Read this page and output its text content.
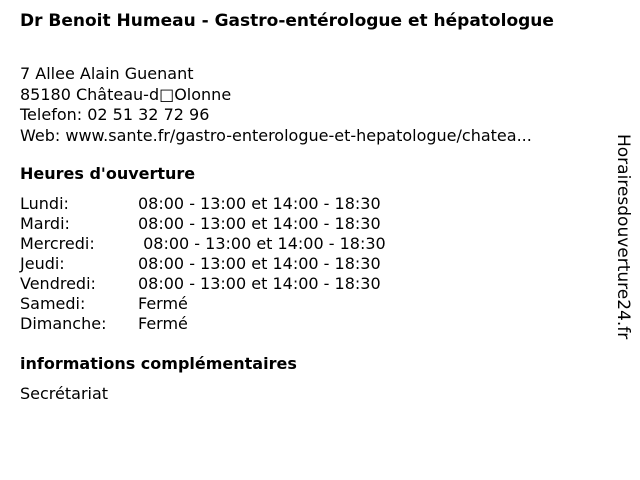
Dr Benoit Humeau - Gastro-entérologue et hépatologue
7 Allee Alain Guenant
85180 Château-d□Olonne
Telefon: 02 51 32 72 96
Web: www.sante.fr/gastro-enterologue-et-hepatologue/chatea...
Heures d'ouverture
Lundi:	08:00 - 13:00 et 14:00 - 18:30
Mardi:	08:00 - 13:00 et 14:00 - 18:30
Mercredi:	08:00 - 13:00 et 14:00 - 18:30
Jeudi:	08:00 - 13:00 et 14:00 - 18:30
Vendredi:	08:00 - 13:00 et 14:00 - 18:30
Samedi:	Fermé
Dimanche: Fermé
informations complémentaires
Secrétariat
Horairesdouverture24.fr
